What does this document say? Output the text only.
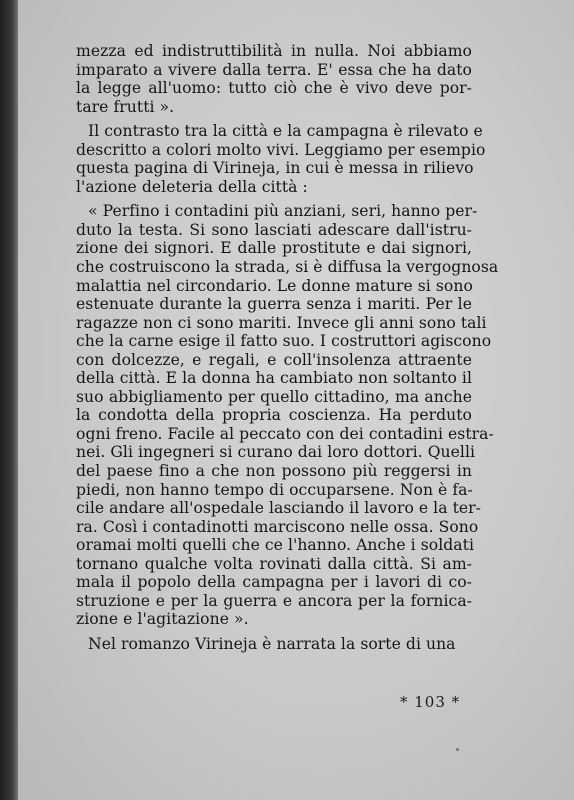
mezza ed indistruttibilità in nulla. Noi abbiamo
imparato a vivere dalla terra. E' essa che ha dato
la legge all'uomo: tutto ciò che è vivo deve por-
tare frutti ».
Il contrasto tra la città e la campagna è rilevato e
descritto a colori molto vivi. Leggiamo per esempio
questa pagina di Virineja, in cui è messa in rilievo
l'azione deleteria della città :
« Perfino i contadini più anziani, seri, hanno per-
duto la testa. Si sono lasciati adescare dall'istru-
zione dei signori. E dalle prostitute e dai signori,
che costruiscono la strada, si è diffusa la vergognosa
malattia nel circondario. Le donne mature si sono
estenuate durante la guerra senza i mariti. Per le
ragazze non ci sono mariti. Invece gli anni sono tali
che la carne esige il fatto suo. I costruttori agiscono
con dolcezze, e regali, e coll'insolenza attraente
della città. E la donna ha cambiato non soltanto il
suo abbigliamento per quello cittadino, ma anche
la condotta della propria coscienza. Ha perduto
ogni freno. Facile al peccato con dei contadini estra-
nei. Gli ingegneri si curano dai loro dottori. Quelli
del paese fino a che non possono più reggersi in
piedi, non hanno tempo di occuparsene. Non è fa-
cile andare all'ospedale lasciando il lavoro e la ter-
ra. Così i contadinotti marciscono nelle ossa. Sono
oramai molti quelli che ce l'hanno. Anche i soldati
tornano qualche volta rovinati dalla città. Si am-
mala il popolo della campagna per i lavori di co-
struzione e per la guerra e ancora per la fornica-
zione e l'agitazione ».
Nel romanzo Virineja è narrata la sorte di una
* 103 *
